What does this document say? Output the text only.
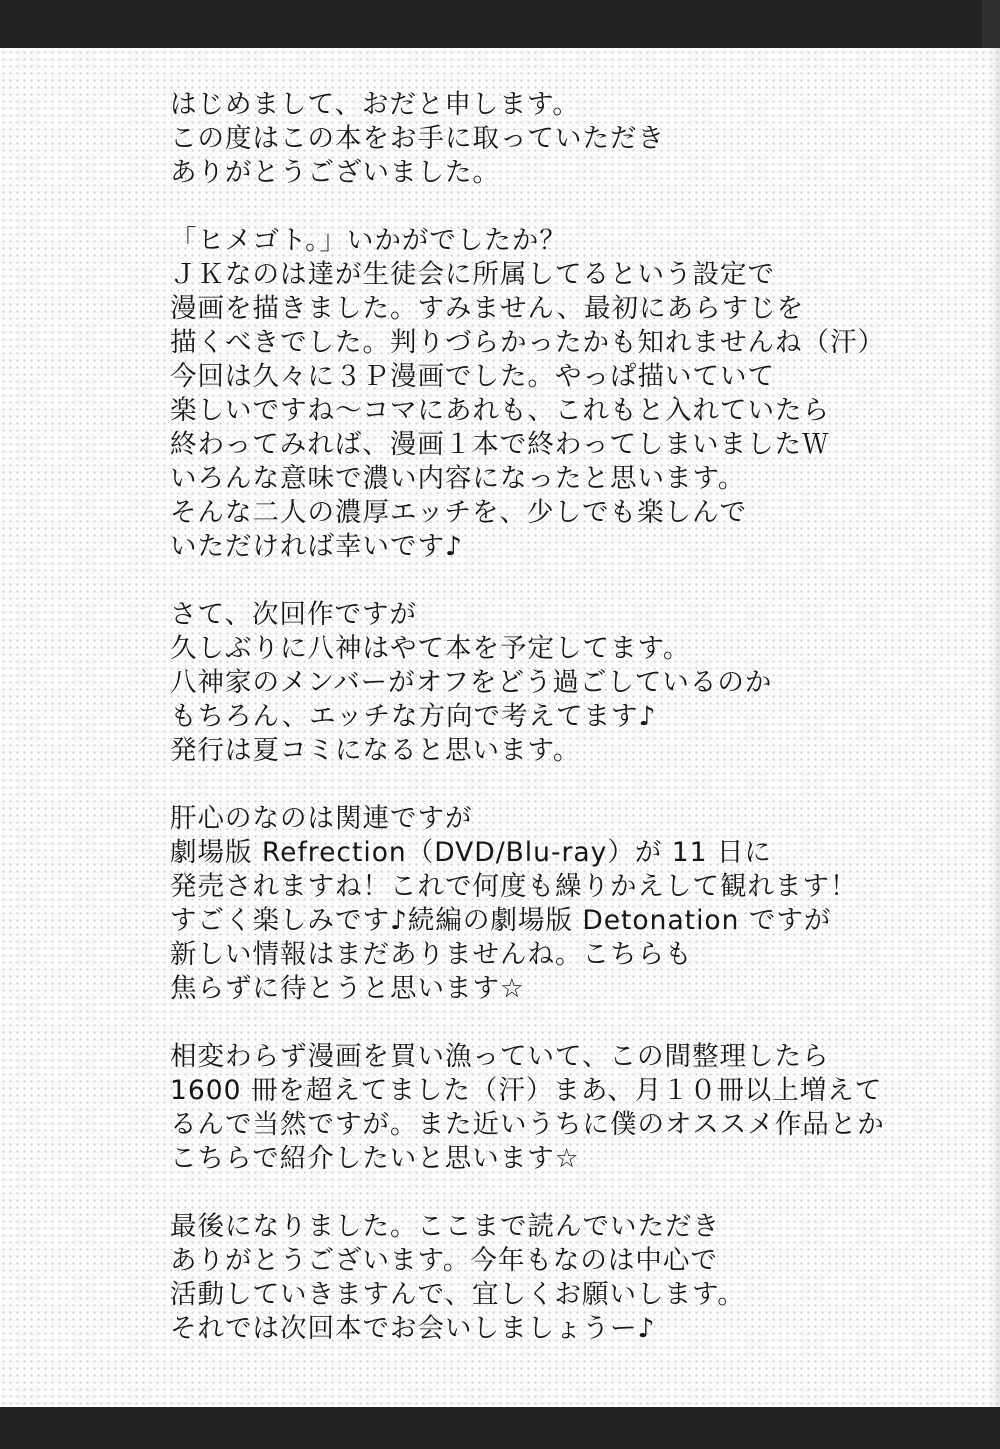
はじめまして、おだと申します。
この度はこの本をお手に取っていただき
ありがとうございました。
「ヒメゴト。」いかがでしたか？
ＪＫなのは達が生徒会に所属してるという設定で
漫画を描きました。すみません、最初にあらすじを
描くべきでした。判りづらかったかも知れませんね（汗）
今回は久々に３Ｐ漫画でした。やっぱ描いていて
楽しいですね～コマにあれも、これもと入れていたら
終わってみれば、漫画１本で終わってしまいましたＷ
いろんな意味で濃い内容になったと思います。
そんな二人の濃厚エッチを、少しでも楽しんで
いただければ幸いです♪
さて、次回作ですが
久しぶりに八神はやて本を予定してます。
八神家のメンバーがオフをどう過ごしているのか
もちろん、エッチな方向で考えてます♪
発行は夏コミになると思います。
肝心のなのは関連ですが
劇場版 Refrection（DVD/Blu-ray）が 11 日に
発売されますね！これで何度も繰りかえして観れます！
すごく楽しみです♪続編の劇場版 Detonation ですが
新しい情報はまだありませんね。こちらも
焦らずに待とうと思います☆
相変わらず漫画を買い漁っていて、この間整理したら
1600 冊を超えてました（汗）まあ、月１０冊以上増えて
るんで当然ですが。また近いうちに僕のオススメ作品とか
こちらで紹介したいと思います☆
最後になりました。ここまで読んでいただき
ありがとうございます。今年もなのは中心で
活動していきますんで、宜しくお願いします。
それでは次回本でお会いしましょうー♪
